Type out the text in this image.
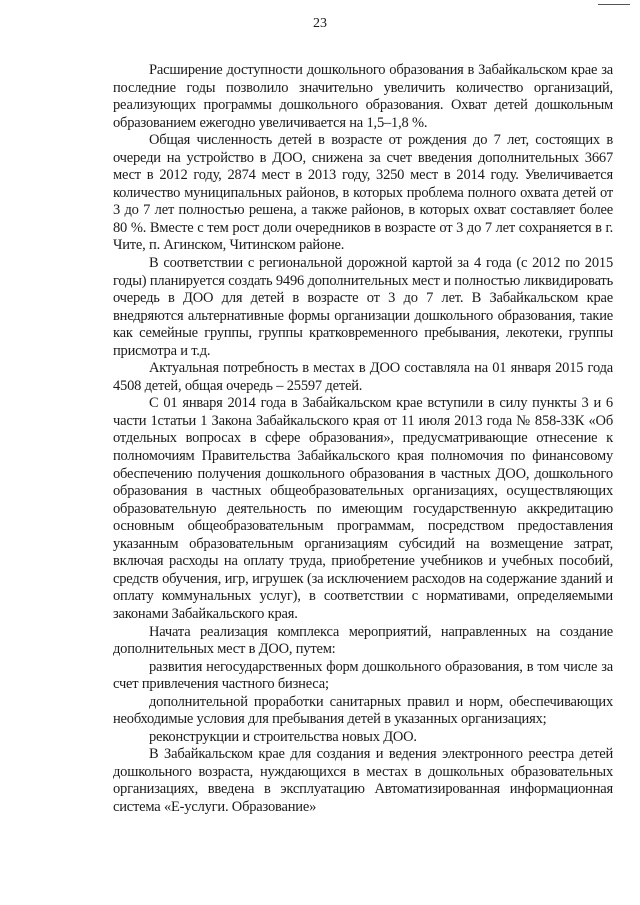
23

Расширение доступности дошкольного образования в Забайкальском крае за последние годы позволило значительно увеличить количество организаций, реализующих программы дошкольного образования. Охват детей дошкольным образованием ежегодно увеличивается на 1,5–1,8 %.

Общая численность детей в возрасте от рождения до 7 лет, состоящих в очереди на устройство в ДОО, снижена за счет введения дополнительных 3667 мест в 2012 году, 2874 мест в 2013 году, 3250 мест в 2014 году. Увеличивается количество муниципальных районов, в которых проблема полного охвата детей от 3 до 7 лет полностью решена, а также районов, в которых охват составляет более 80 %. Вместе с тем рост доли очередников в возрасте от 3 до 7 лет сохраняется в г. Чите, п. Агинском, Читинском районе.

В соответствии с региональной дорожной картой за 4 года (с 2012 по 2015 годы) планируется создать 9496 дополнительных мест и полностью ликвидировать очередь в ДОО для детей в возрасте от 3 до 7 лет. В Забайкальском крае внедряются альтернативные формы организации дошкольного образования, такие как семейные группы, группы кратковременного пребывания, лекотеки, группы присмотра и т.д.

Актуальная потребность в местах в ДОО составляла на 01 января 2015 года 4508 детей, общая очередь – 25597 детей.

С 01 января 2014 года в Забайкальском крае вступили в силу пункты 3 и 6 части 1статьи 1 Закона Забайкальского края от 11 июля 2013 года № 858-ЗЗК «Об отдельных вопросах в сфере образования», предусматривающие отнесение к полномочиям Правительства Забайкальского края полномочия по финансовому обеспечению получения дошкольного образования в частных ДОО, дошкольного образования в частных общеобразовательных организациях, осуществляющих образовательную деятельность по имеющим государственную аккредитацию основным общеобразовательным программам, посредством предоставления указанным образовательным организациям субсидий на возмещение затрат, включая расходы на оплату труда, приобретение учебников и учебных пособий, средств обучения, игр, игрушек (за исключением расходов на содержание зданий и оплату коммунальных услуг), в соответствии с нормативами, определяемыми законами Забайкальского края.

Начата реализация комплекса мероприятий, направленных на создание дополнительных мест в ДОО, путем:

развития негосударственных форм дошкольного образования, в том числе за счет привлечения частного бизнеса;

дополнительной проработки санитарных правил и норм, обеспечивающих необходимые условия для пребывания детей в указанных организациях;

реконструкции и строительства новых ДОО.

В Забайкальском крае для создания и ведения электронного реестра детей дошкольного возраста, нуждающихся в местах в дошкольных образовательных организациях, введена в эксплуатацию Автоматизированная информационная система «Е-услуги. Образование»
